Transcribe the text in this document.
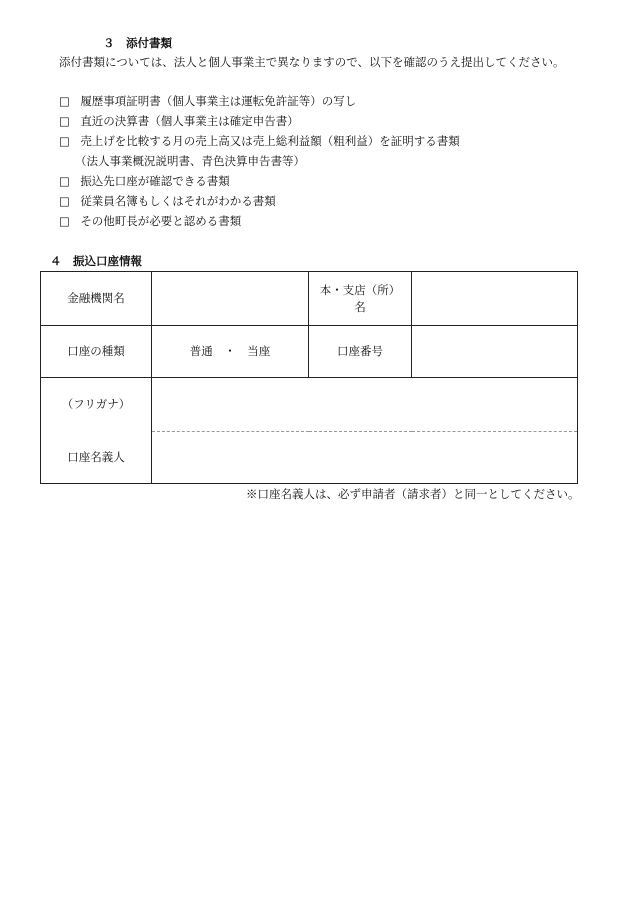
３　添付書類
添付書類については、法人と個人事業主で異なりますので、以下を確認のうえ提出してください。
□ 履歴事項証明書（個人事業主は運転免許証等）の写し
□ 直近の決算書（個人事業主は確定申告書）
□ 売上げを比較する月の売上高又は売上総利益額（粗利益）を証明する書類
（法人事業概況説明書、青色決算申告書等）
□ 振込先口座が確認できる書類
□ 従業員名簿もしくはそれがわかる書類
□ その他町長が必要と認める書類
４　振込口座情報
金融機関名		本・支店（所）
名	

口座の種類	普通　・　当座	口座番号	
（フリガナ）			
口座名義人			
※口座名義人は、必ず申請者（請求者）と同一としてください。
